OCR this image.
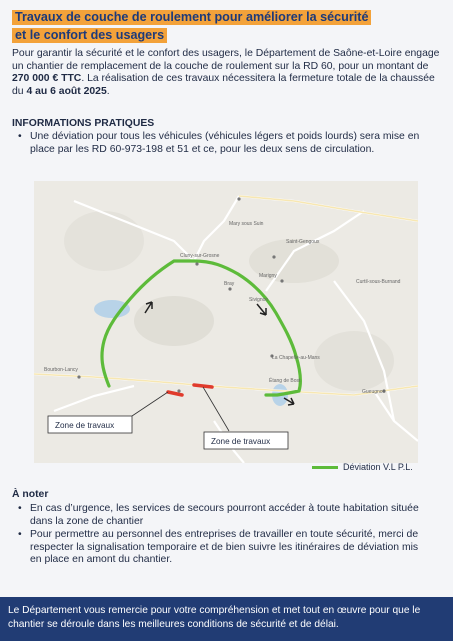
Travaux de couche de roulement pour améliorer la sécurité
et le confort des usagers
Pour garantir la sécurité et le confort des usagers, le Département de Saône-et-Loire engage un chantier de remplacement de la couche de roulement sur la RD 60, pour un montant de 270 000 € TTC. La réalisation de ces travaux nécessitera la fermeture totale de la chaussée du 4 au 6 août 2025.
INFORMATIONS PRATIQUES
• Une déviation pour tous les véhicules (véhicules légers et poids lourds) sera mise en place par les RD 60-973-198 et 51 et ce, pour les deux sens de circulation.
Cluny-sur-Grosne
Mary sous Suin
Saint-Gengoux
Bray
Marigny
Sivignon
La Chapelle-au-Mans
Curtil-sous-Burnand
Bourbon-Lancy
Gueugnon
Étang de Bost
Zone de travaux
Zone de travaux
Déviation V.L P.L.
À noter
• En cas d’urgence, les services de secours pourront accéder à toute habitation située dans la zone de chantier
• Pour permettre au personnel des entreprises de travailler en toute sécurité, merci de respecter la signalisation temporaire et de bien suivre les itinéraires de déviation mis en place en amont du chantier.
Le Département vous remercie pour votre compréhension et met tout en œuvre pour que le chantier se déroule dans les meilleures conditions de sécurité et de délai.
